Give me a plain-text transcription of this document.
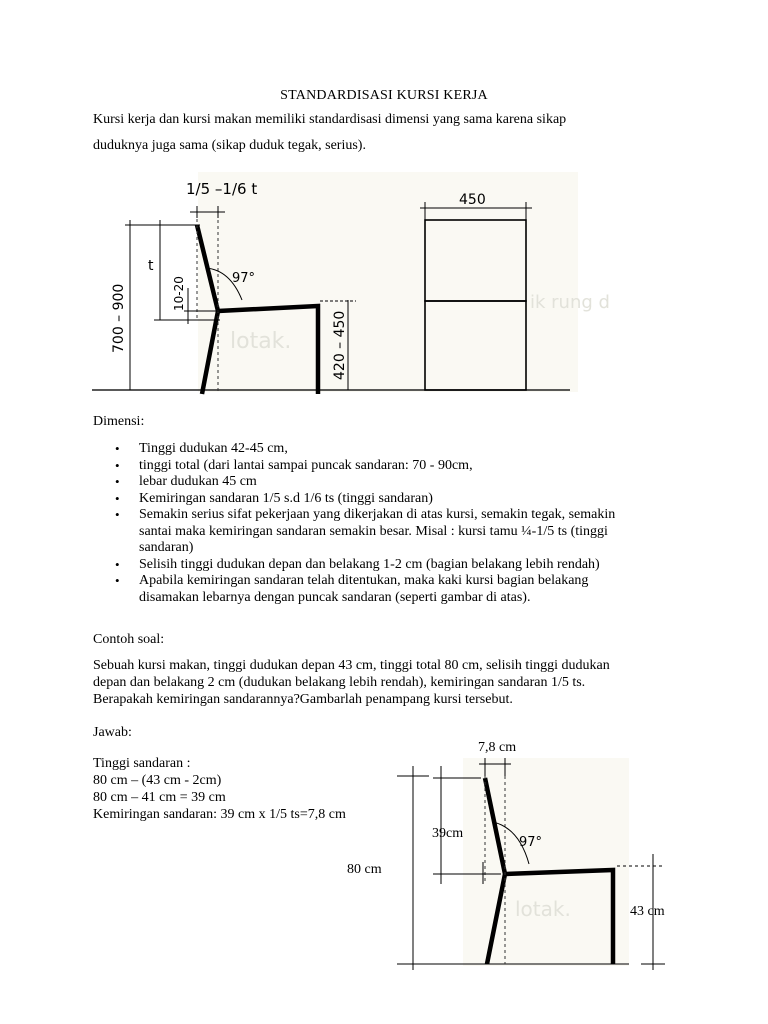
STANDARDISASI KURSI KERJA
Kursi kerja dan kursi makan memiliki standardisasi dimensi yang sama karena sikap
duduknya juga sama (sikap duduk tegak, serius).
lotak.
ik rung d
1/5 –1/6 t
700 – 900
t
10-20	97°
420 – 450
450
Dimensi:
• Tinggi dudukan 42-45 cm,
• tinggi total (dari lantai sampai puncak sandaran: 70 - 90cm,
• lebar dudukan 45 cm
• Kemiringan sandaran 1/5 s.d 1/6 ts (tinggi sandaran)
• Semakin serius sifat pekerjaan yang dikerjakan di atas kursi, semakin tegak, semakin
santai maka kemiringan sandaran semakin besar. Misal : kursi tamu ¼-1/5 ts (tinggi
sandaran)
• Selisih tinggi dudukan depan dan belakang 1-2 cm (bagian belakang lebih rendah)
• Apabila kemiringan sandaran telah ditentukan, maka kaki kursi bagian belakang
disamakan lebarnya dengan puncak sandaran (seperti gambar di atas).
Contoh soal:
Sebuah kursi makan, tinggi dudukan depan 43 cm, tinggi total 80 cm, selisih tinggi dudukan
depan dan belakang 2 cm (dudukan belakang lebih rendah), kemiringan sandaran 1/5 ts.
Berapakah kemiringan sandarannya?Gambarlah penampang kursi tersebut.
Jawab:
Tinggi sandaran :
80 cm – (43 cm - 2cm)
80 cm – 41 cm = 39 cm
Kemiringan sandaran: 39 cm x 1/5 ts=7,8 cm
7,8 cm
39cm
80 cm
43 cm
lotak.
97°
